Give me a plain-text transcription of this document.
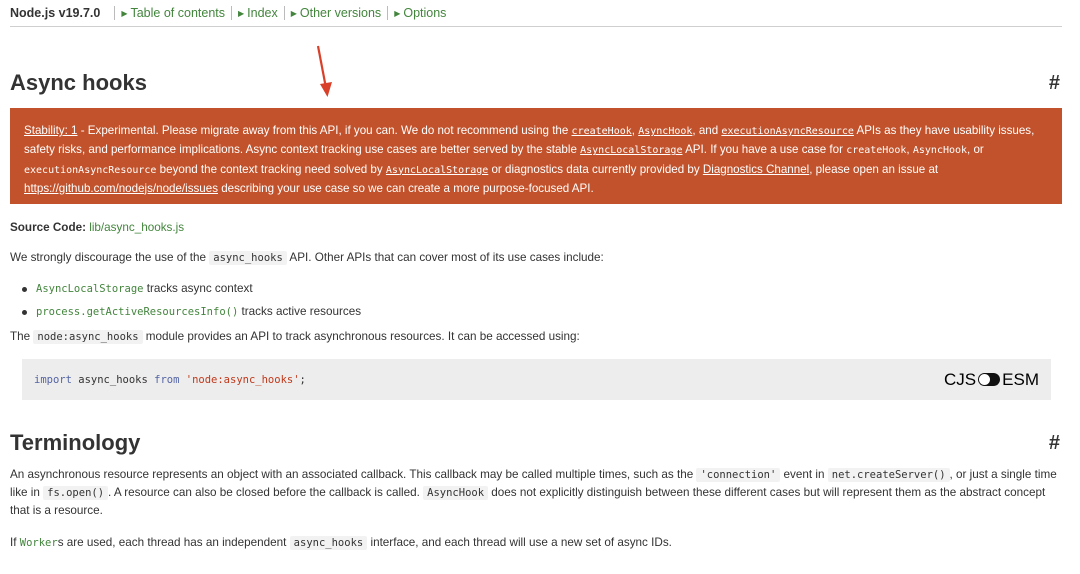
Node.js v19.7.0	▶ Table of contents ▶ Index ▶ Other versions ▶ Options
Async hooks	#
Stability: 1 - Experimental. Please migrate away from this API, if you can. We do not recommend using the createHook, AsyncHook, and executionAsyncResource APIs as they have usability issues, safety risks, and performance implications. Async context tracking use cases are better served by the stable AsyncLocalStorage API. If you have a use case for createHook, AsyncHook, or executionAsyncResource beyond the context tracking need solved by AsyncLocalStorage or diagnostics data currently provided by Diagnostics Channel, please open an issue at https://github.com/nodejs/node/issues describing your use case so we can create a more purpose-focused API.
Source Code: lib/async_hooks.js
We strongly discourage the use of the async_hooks API. Other APIs that can cover most of its use cases include:
AsyncLocalStorage tracks async context
process.getActiveResourcesInfo() tracks active resources
The node:async_hooks module provides an API to track asynchronous resources. It can be accessed using:
import async_hooks from 'node:async_hooks';	CJS ESM
Terminology	#
An asynchronous resource represents an object with an associated callback. This callback may be called multiple times, such as the 'connection' event in net.createServer() , or just a single time like in fs.open() . A resource can also be closed before the callback is called. AsyncHook does not explicitly distinguish between these different cases but will represent them as the abstract concept that is a resource.
If Workers are used, each thread has an independent async_hooks interface, and each thread will use a new set of async IDs.
